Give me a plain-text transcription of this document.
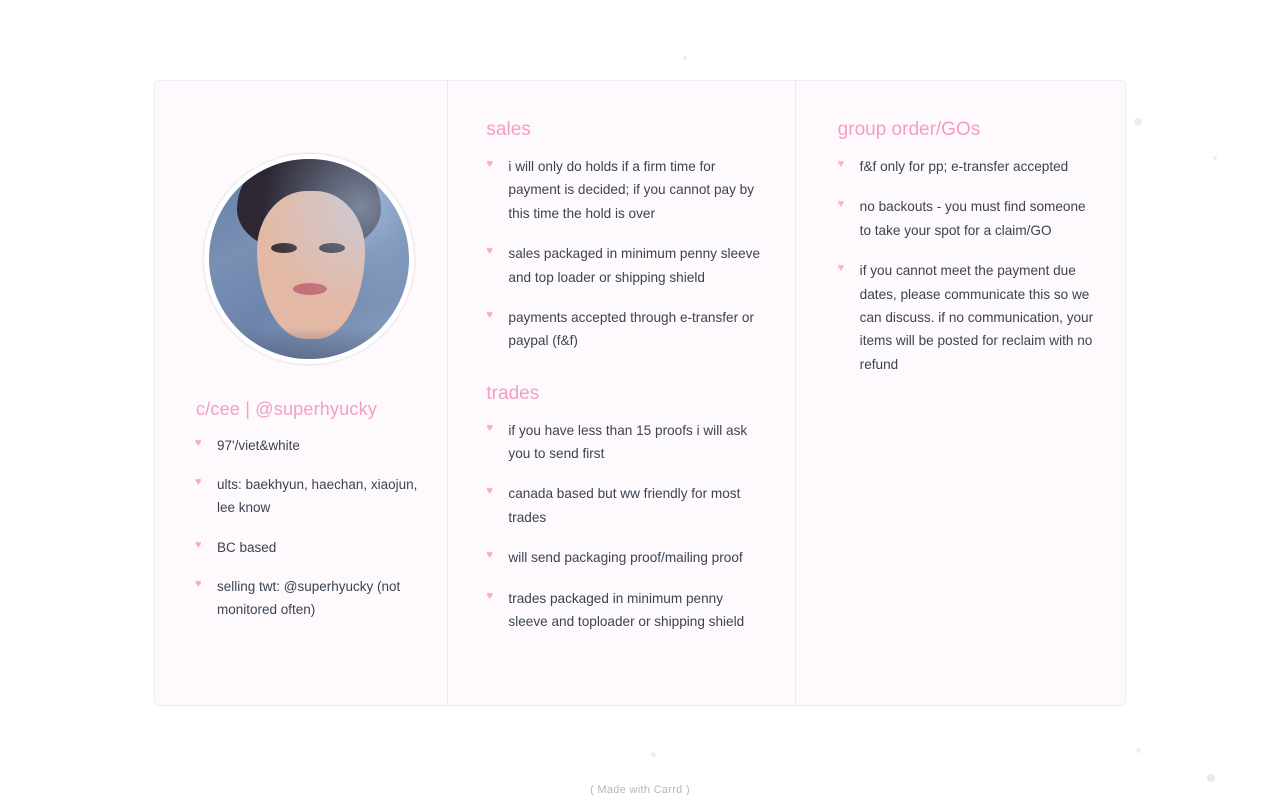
c/cee | @superhyucky
♥ 97'/viet&white
♥ ults: baekhyun, haechan, xiaojun, lee know
♥ BC based
♥ selling twt: @superhyucky (not monitored often)
sales
♥ i will only do holds if a firm time for payment is decided; if you cannot pay by this time the hold is over
♥ sales packaged in minimum penny sleeve and top loader or shipping shield
♥ payments accepted through e-transfer or paypal (f&f)
trades
♥ if you have less than 15 proofs i will ask you to send first
♥ canada based but ww friendly for most trades
♥ will send packaging proof/mailing proof
♥ trades packaged in minimum penny sleeve and toploader or shipping shield
group order/GOs
♥ f&f only for pp; e-transfer accepted
♥ no backouts - you must find someone to take your spot for a claim/GO
♥ if you cannot meet the payment due dates, please communicate this so we can discuss. if no communication, your items will be posted for reclaim with no refund
( Made with Carrd )
